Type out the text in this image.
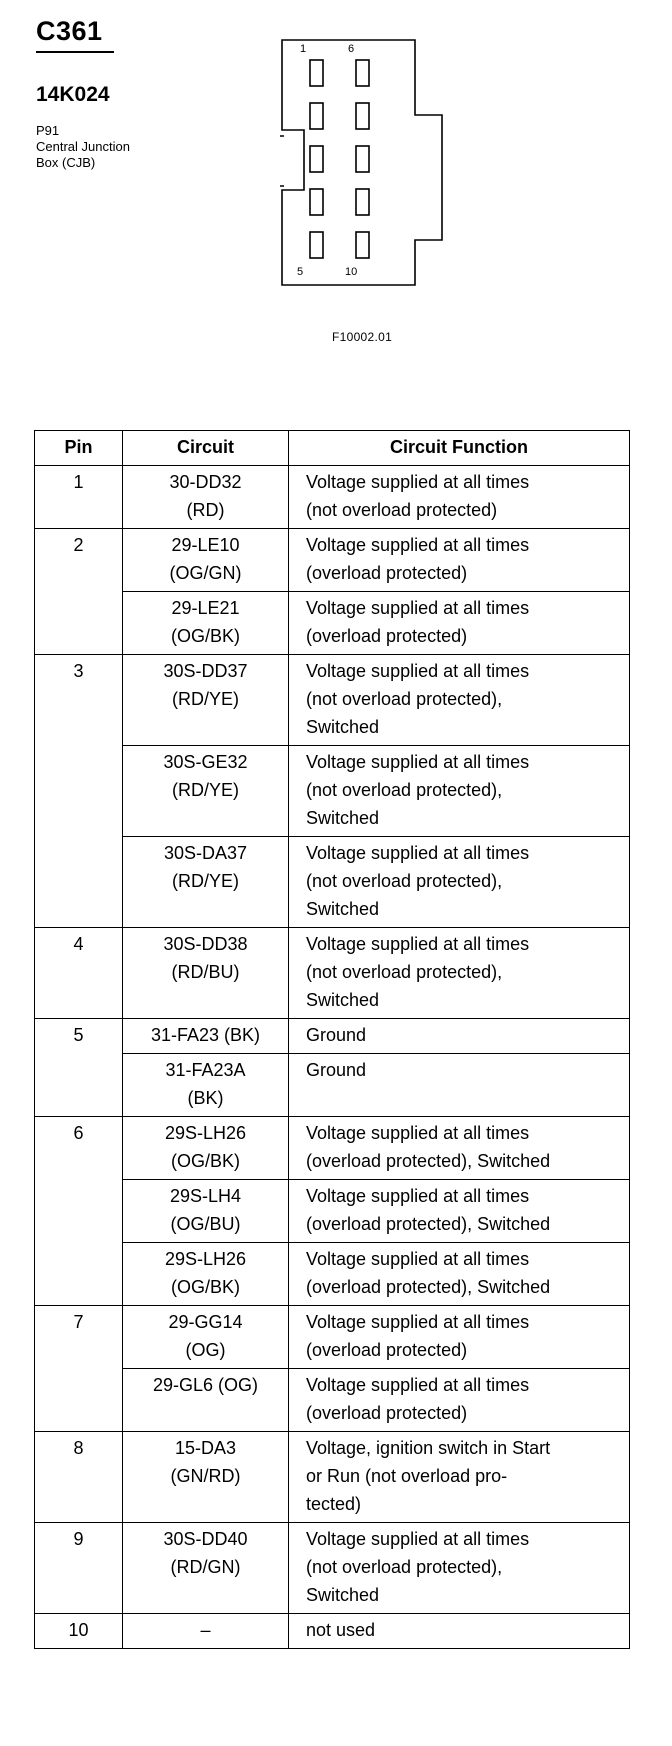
C361
14K024
P91
Central Junction
Box (CJB)
1	6
5	10
F10002.01
Pin	Circuit	Circuit Function
1	30-DD32
(RD)	Voltage supplied at all times
(not overload protected)

2	29-LE10
(OG/GN)	Voltage supplied at all times
(overload protected)

	29-LE21
(OG/BK)	Voltage supplied at all times
(overload protected)

3	30S-DD37
(RD/YE)	Voltage supplied at all times
(not overload protected),
Switched

	30S-GE32
(RD/YE)	Voltage supplied at all times
(not overload protected),
Switched

	30S-DA37
(RD/YE)	Voltage supplied at all times
(not overload protected),
Switched

4	30S-DD38
(RD/BU)	Voltage supplied at all times
(not overload protected),
Switched

5	31-FA23 (BK)	Ground

	31-FA23A
(BK)	Ground

6	29S-LH26
(OG/BK)	Voltage supplied at all times
(overload protected), Switched

	29S-LH4
(OG/BU)	Voltage supplied at all times
(overload protected), Switched

	29S-LH26
(OG/BK)	Voltage supplied at all times
(overload protected), Switched

7	29-GG14
(OG)	Voltage supplied at all times
(overload protected)

	29-GL6 (OG)	Voltage supplied at all times
(overload protected)

8	15-DA3
(GN/RD)	Voltage, ignition switch in Start
or Run (not overload pro-
tected)

9	30S-DD40
(RD/GN)	Voltage supplied at all times
(not overload protected),
Switched

10	–	not used
